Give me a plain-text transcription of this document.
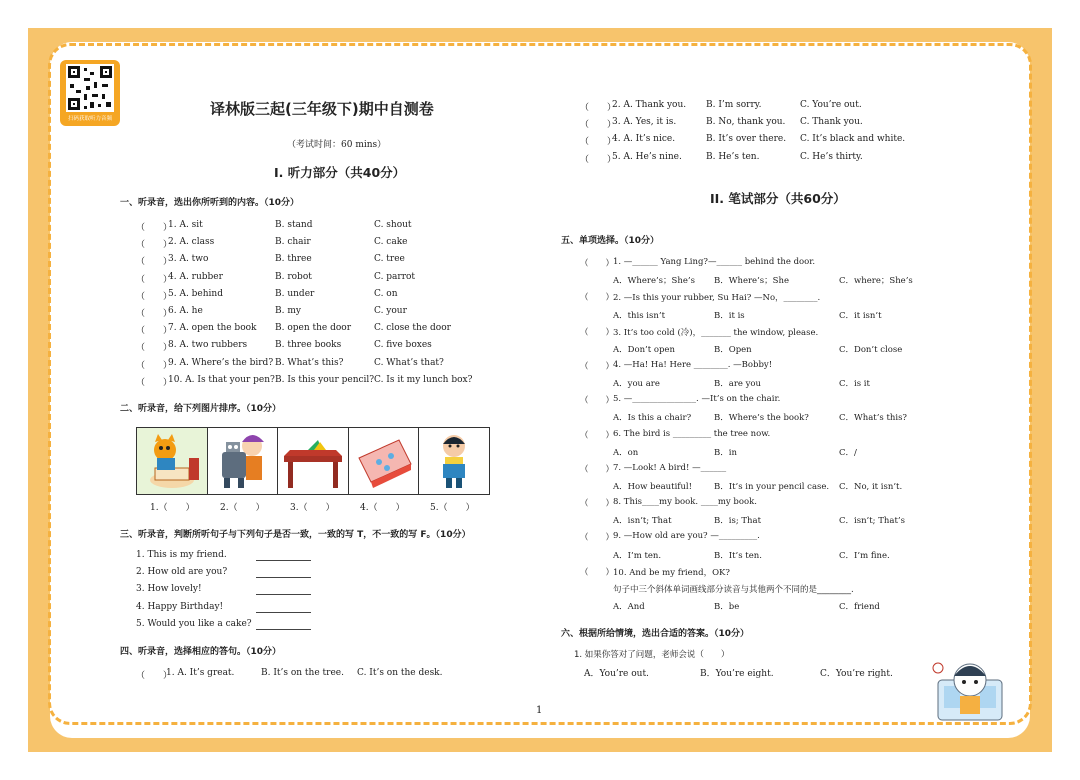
扫码获取听力音频
译林版三起(三年级下)期中自测卷
（考试时间：60 mins）
I. 听力部分（共40分）
一、听录音，选出你所听到的内容。（10分）
（　　）
1. A. sit	B. stand	C. shout
（　　）
2. A. class	B. chair	C. cake
（　　）
3. A. two	B. three	C. tree
（　　）
4. A. rubber	B. robot	C. parrot
（　　）
5. A. behind	B. under	C. on
（　　）
6. A. he	B. my	C. your
（　　）
7. A. open the book B. open the door	C. close the door
（　　）
8. A. two rubbers	B. three books	C. five boxes
（　　）
9. A. Where’s the bird? B. What’s this?	C. What’s that?
（　　）
10. A. Is that your pen? B. Is this your pencil? C. Is it my lunch box?
二、听录音，给下列图片排序。（10分）
1.（　　）	2.（　　）	3.（　　）	4.（　　）	5.（　　）
三、听录音，判断所听句子与下列句子是否一致，一致的写 T，不一致的写 F。（10分）
1. This is my friend.
2. How old are you?
3. How lovely!
4. Happy Birthday!
5. Would you like a cake?
四、听录音，选择相应的答句。（10分）
（　　）
1. A. It’s great.	B. It’s on the tree. C. It’s on the desk.
（　　）
2. A. Thank you. B. I’m sorry.	C. You’re out.
（　　）
3. A. Yes, it is.	B. No, thank you. C. Thank you.
（　　）
4. A. It’s nice.	B. It’s over there. C. It’s black and white.
（　　）
5. A. He’s nine.	B. He’s ten.	C. He’s thirty.
II. 笔试部分（共60分）
五、单项选择。（10分）
（　　）
1. —______ Yang Ling?—______ behind the door.
A．Where’s；She’s B．Where’s；She	C．where；She’s
（　　）
2. —Is this your rubber, Su Hai? —No，________.
A．this isn’t	B．it is	C．it isn’t
（　　）
3. It’s too cold (冷)，_______ the window, please.
A．Don’t open	B．Open	C．Don’t close
（　　）
4. —Ha! Ha! Here ________. —Bobby!
A．you are	B．are you	C．is it
（　　）
5. —_______________. —It’s on the chair.
A．Is this a chair?	B．Where’s the book?	C．What’s this?
（　　）
6. The bird is _________ the tree now.
A．on	B．in	C．/
（　　）
7. —Look! A bird! —______
A．How beautiful!	B．It’s in your pencil case. C．No, it isn’t.
（　　）
8. This____my book. ____my book.
A．isn’t; That	B．is; That	C．isn’t; That’s
（　　）
9. —How old are you? —_________.
A．I’m ten.	B．It’s ten.	C．I’m fine.
（　　）
10. And be my friend，OK?
句子中三个斜体单词画线部分读音与其他两个不同的是________.
A．And	B．be	C．friend
六、根据所给情境，选出合适的答案。（10分）
1. 如果你答对了问题，老师会说（　　）
A．You’re out.	B．You’re eight.	C．You’re right.
1
